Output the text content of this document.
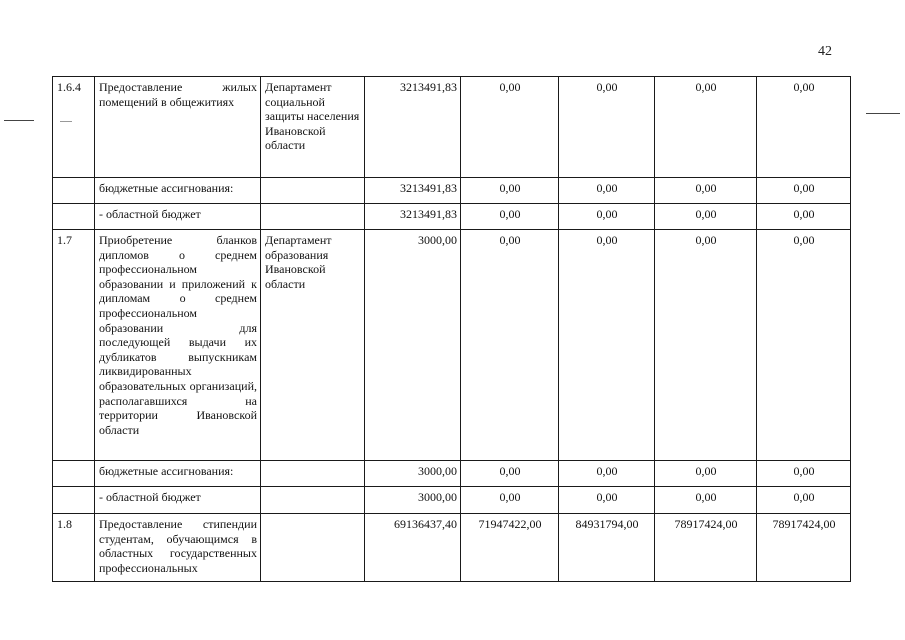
42
1.6.4	Предоставление жилых помещений в общежитиях	Департамент социальной защиты населения Ивановской области	3213491,83	0,00	0,00	0,00	0,00
	бюджетные ассигнования:		3213491,83	0,00	0,00	0,00	0,00
	- областной бюджет		3213491,83	0,00	0,00	0,00	0,00
1.7	Приобретение бланков дипломов о среднем профессиональном образовании и приложений к дипломам о среднем профессиональном образовании для последующей выдачи их дубликатов выпускникам ликвидированных образовательных организаций, располагавшихся на территории Ивановской области	Департамент образования Ивановской области	3000,00	0,00	0,00	0,00	0,00
	бюджетные ассигнования:		3000,00	0,00	0,00	0,00	0,00
	- областной бюджет		3000,00	0,00	0,00	0,00	0,00
1.8	Предоставление стипендии студентам, обучающимся в областных государственных профессиональных		69136437,40	71947422,00	84931794,00	78917424,00	78917424,00
